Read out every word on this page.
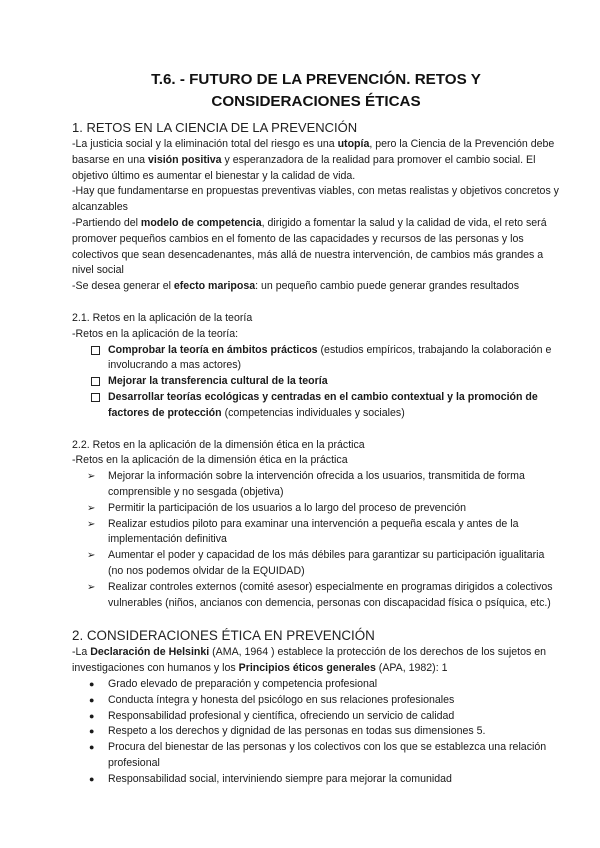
T.6. - FUTURO DE LA PREVENCIÓN. RETOS Y
CONSIDERACIONES ÉTICAS
1. RETOS EN LA CIENCIA DE LA PREVENCIÓN

-La justicia social y la eliminación total del riesgo es una utopía, pero la Ciencia de la Prevención debe basarse en una visión positiva y esperanzadora de la realidad para promover el cambio social. El objetivo último es aumentar el bienestar y la calidad de vida.

-Hay que fundamentarse en propuestas preventivas viables, con metas realistas y objetivos concretos y alcanzables

-Partiendo del modelo de competencia, dirigido a fomentar la salud y la calidad de vida, el reto será promover pequeños cambios en el fomento de las capacidades y recursos de las personas y los colectivos que sean desencadenantes, más allá de nuestra intervención, de cambios más grandes a nivel social

-Se desea generar el efecto mariposa: un pequeño cambio puede generar grandes resultados

2.1. Retos en la aplicación de la teoría

-Retos en la aplicación de la teoría:

Comprobar la teoría en ámbitos prácticos (estudios empíricos, trabajando la colaboración e involucrando a mas actores)
Mejorar la transferencia cultural de la teoría
Desarrollar teorías ecológicas y centradas en el cambio contextual y la promoción de factores de protección (competencias individuales y sociales)

2.2. Retos en la aplicación de la dimensión ética en la práctica

-Retos en la aplicación de la dimensión ética en la práctica

➢ Mejorar la información sobre la intervención ofrecida a los usuarios, transmitida de forma comprensible y no sesgada (objetiva)
➢ Permitir la participación de los usuarios a lo largo del proceso de prevención
➢ Realizar estudios piloto para examinar una intervención a pequeña escala y antes de la implementación definitiva
➢ Aumentar el poder y capacidad de los más débiles para garantizar su participación igualitaria (no nos podemos olvidar de la EQUIDAD)
➢ Realizar controles externos (comité asesor) especialmente en programas dirigidos a colectivos vulnerables (niños, ancianos con demencia, personas con discapacidad física o psíquica, etc.)
2. CONSIDERACIONES ÉTICA EN PREVENCIÓN

-La Declaración de Helsinki (AMA, 1964 ) establece la protección de los derechos de los sujetos en investigaciones con humanos y los Principios éticos generales (APA, 1982): 1

● Grado elevado de preparación y competencia profesional
● Conducta íntegra y honesta del psicólogo en sus relaciones profesionales
● Responsabilidad profesional y científica, ofreciendo un servicio de calidad
● Respeto a los derechos y dignidad de las personas en todas sus dimensiones 5.
● Procura del bienestar de las personas y los colectivos con los que se establezca una relación profesional
● Responsabilidad social, interviniendo siempre para mejorar la comunidad
